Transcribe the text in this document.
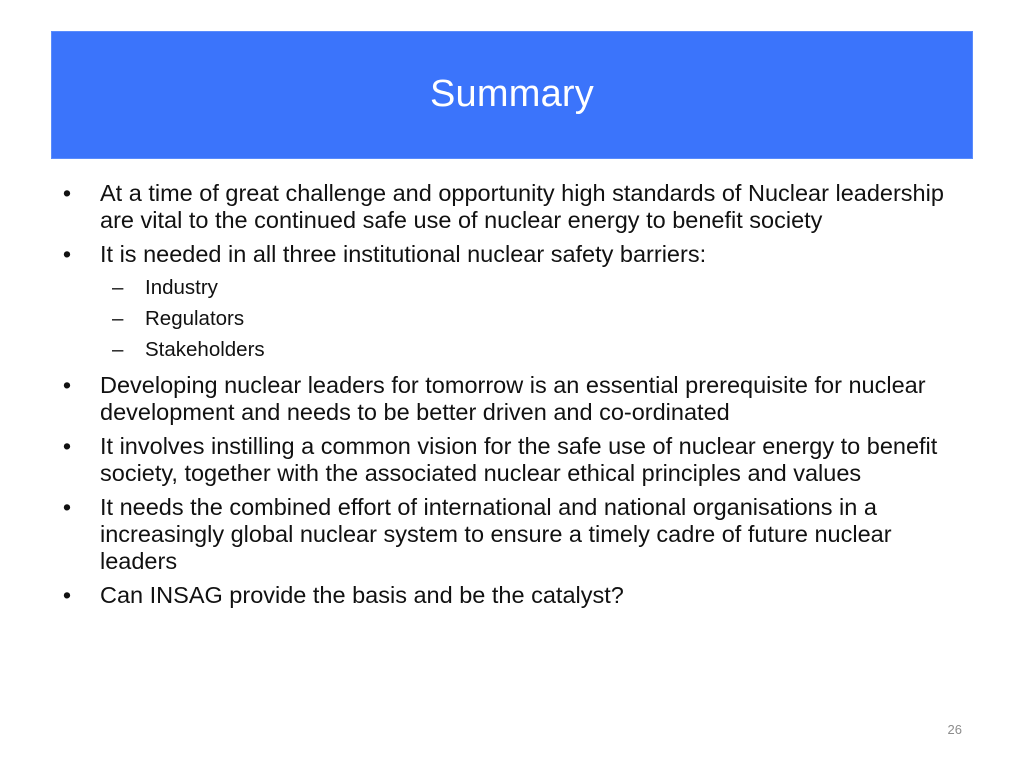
Summary
• At a time of great challenge and opportunity high standards of Nuclear leadership are vital to the continued safe use of nuclear energy to benefit society
• It is needed in all three institutional nuclear safety barriers:
– Industry
– Regulators
– Stakeholders
• Developing nuclear leaders for tomorrow is an essential prerequisite for nuclear development and needs to be better driven and co-ordinated
• It involves instilling a common vision for the safe use of nuclear energy to benefit society, together with the associated nuclear ethical principles and values
• It needs the combined effort of international and national organisations in a increasingly global nuclear system to ensure a timely cadre of future nuclear leaders
• Can INSAG provide the basis and be the catalyst?
26
